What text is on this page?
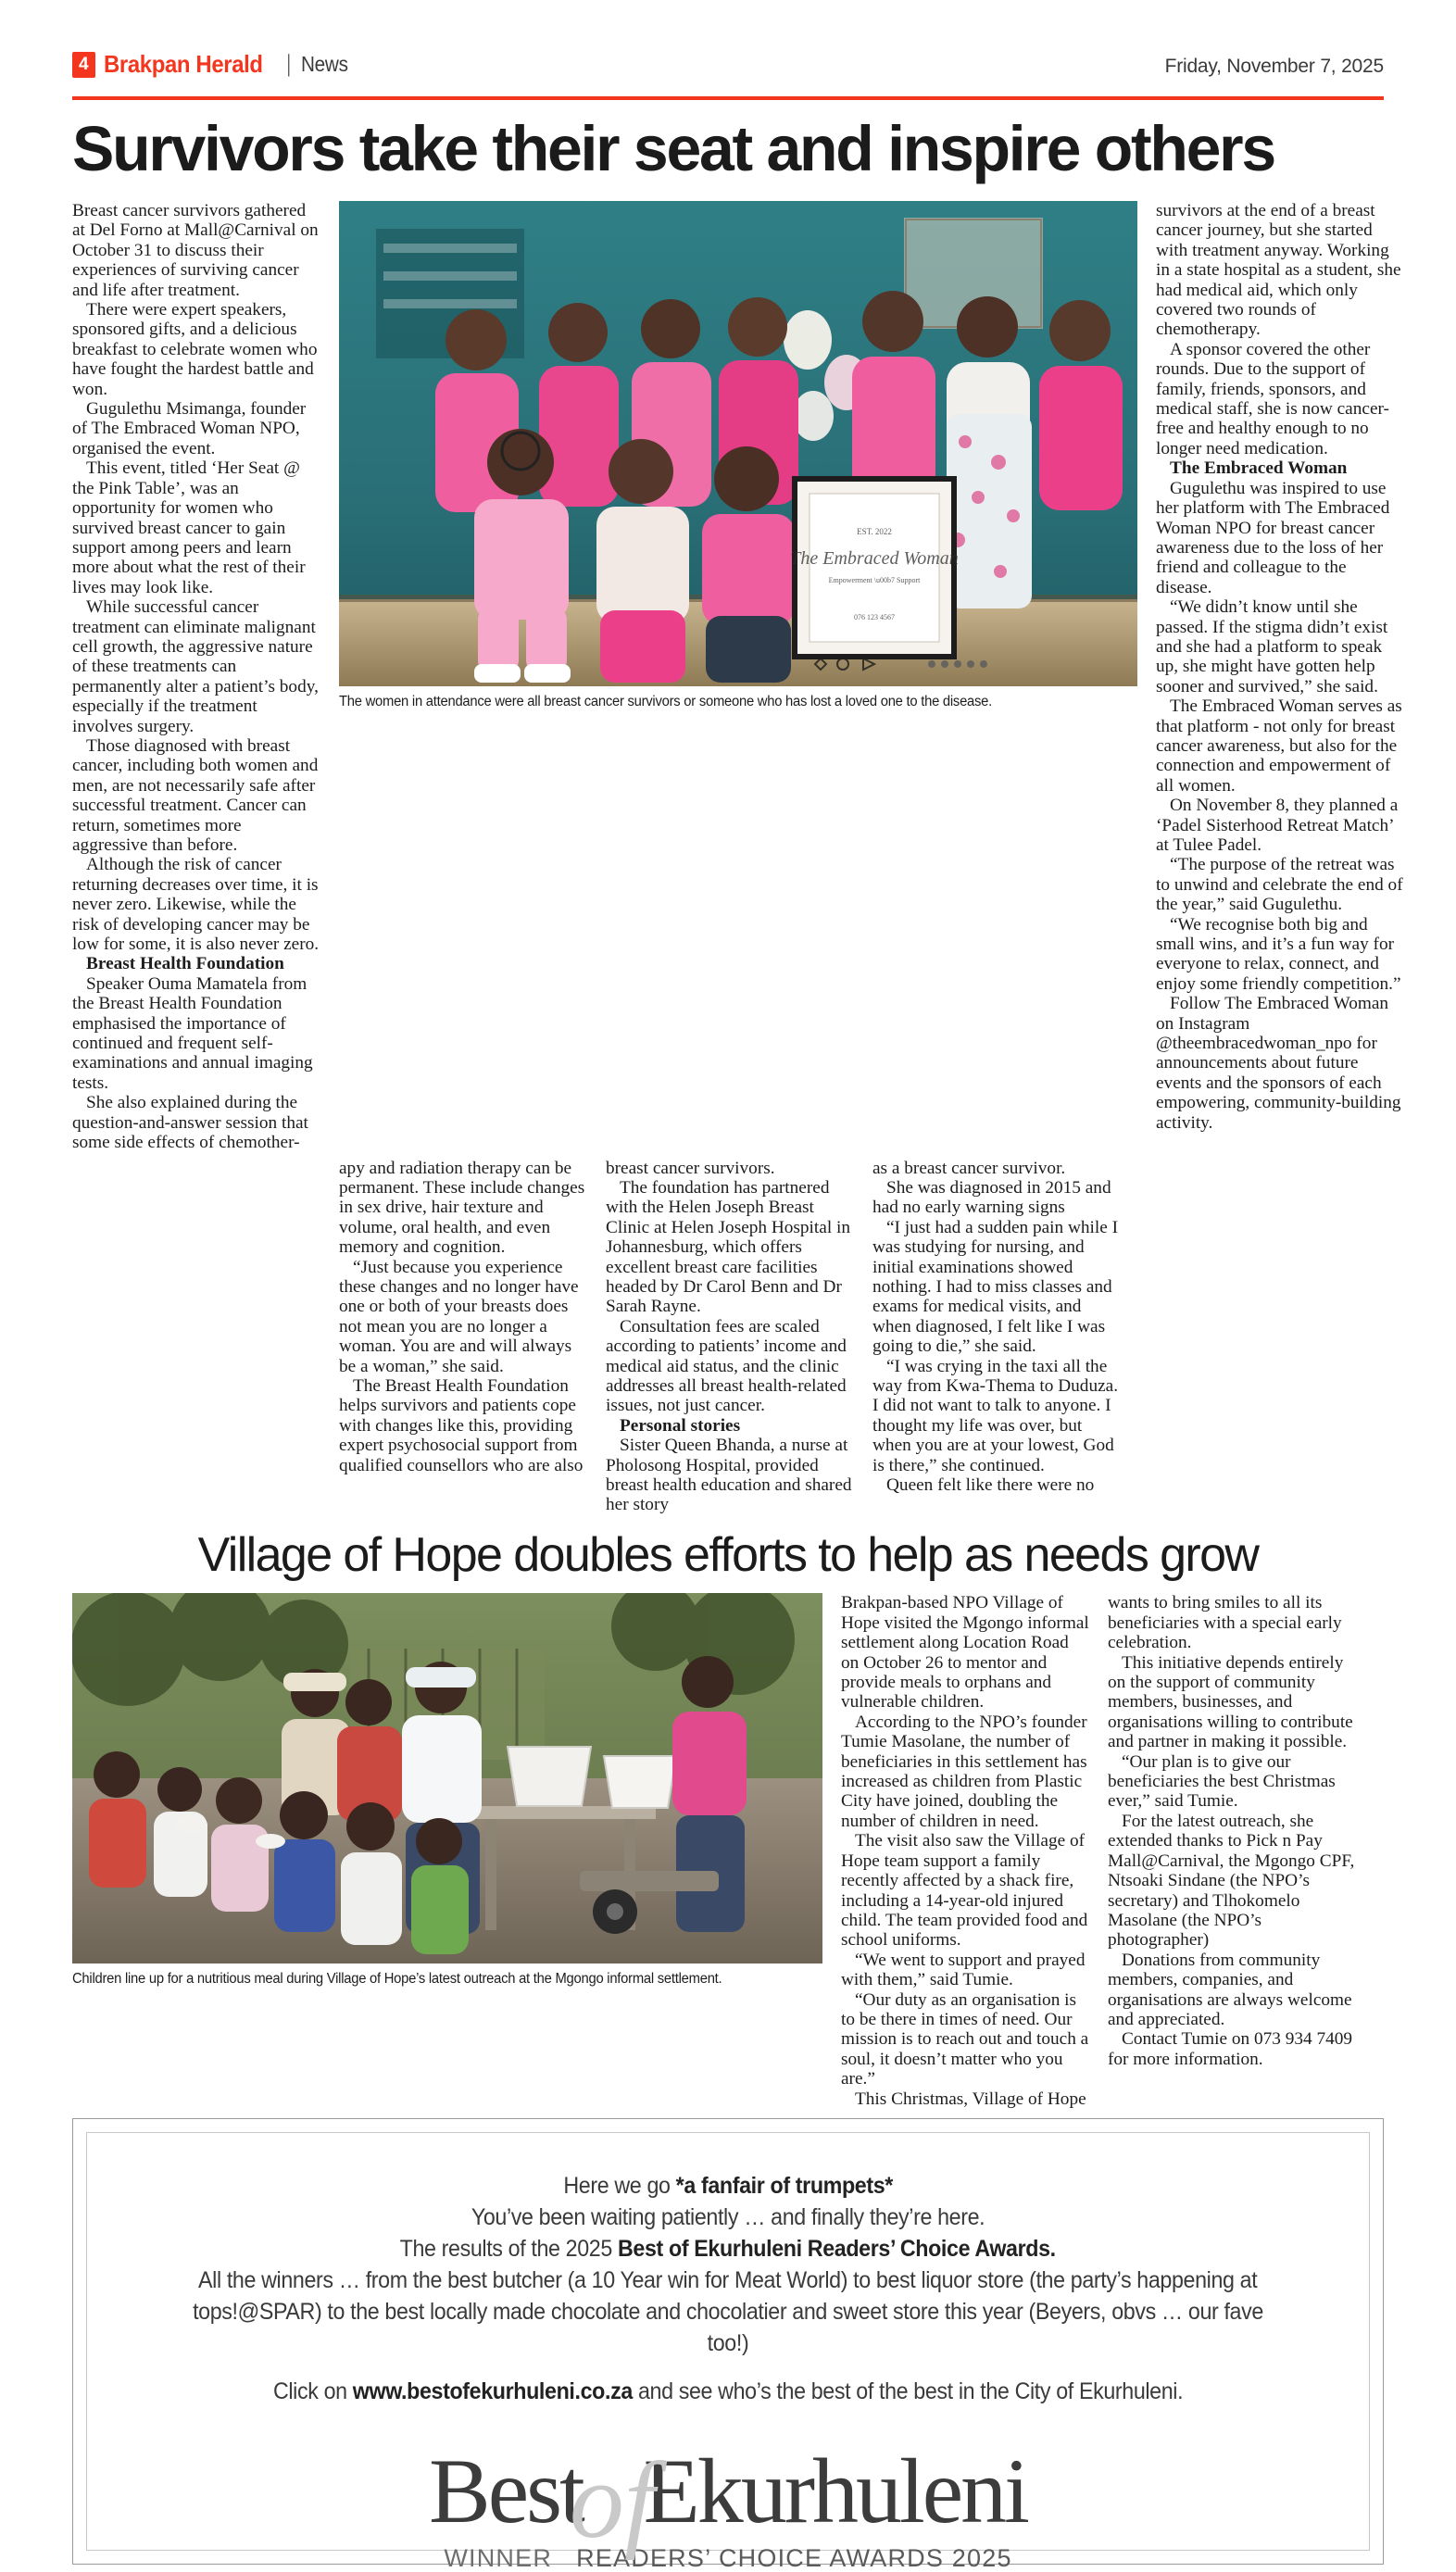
4 Brakpan Herald | News	Friday, November 7, 2025
Survivors take their seat and inspire others

Breast cancer survivors gathered at Del Forno at Mall@Carnival on October 31 to discuss their experiences of surviving cancer and life after treatment.

There were expert speakers, sponsored gifts, and a delicious breakfast to celebrate women who have fought the hardest battle and won.

Gugulethu Msimanga, founder of The Embraced Woman NPO, organised the event.

This event, titled ‘Her Seat @ the Pink Table’, was an opportunity for women who survived breast cancer to gain support among peers and learn more about what the rest of their lives may look like.

While successful cancer treatment can eliminate malignant cell growth, the aggressive nature of these treatments can permanently alter a patient’s body, especially if the treatment involves surgery.

Those diagnosed with breast cancer, including both women and men, are not necessarily safe after successful treatment. Cancer can return, sometimes more aggressive than before.

Although the risk of cancer returning decreases over time, it is never zero. Likewise, while the risk of developing cancer may be low for some, it is also never zero.

Breast Health Foundation

Speaker Ouma Mamatela from the Breast Health Foundation emphasised the importance of continued and frequent self-examinations and annual imaging tests.

She also explained during the question-and-answer session that some side effects of chemother-

EST. 2022
The Embraced Woman
Empowerment \u00b7 Support
076 123 4567
The women in attendance were all breast cancer survivors or someone who has lost a loved one to the disease.

survivors at the end of a breast cancer journey, but she started with treatment anyway. Working in a state hospital as a student, she had medical aid, which only covered two rounds of chemotherapy.

A sponsor covered the other rounds. Due to the support of family, friends, sponsors, and medical staff, she is now cancer-free and healthy enough to no longer need medication.

The Embraced Woman

Gugulethu was inspired to use her platform with The Embraced Woman NPO for breast cancer awareness due to the loss of her friend and colleague to the disease.

“We didn’t know until she passed. If the stigma didn’t exist and she had a platform to speak up, she might have gotten help sooner and survived,” she said.

The Embraced Woman serves as that platform - not only for breast cancer awareness, but also for the connection and empowerment of all women.

On November 8, they planned a ‘Padel Sisterhood Retreat Match’ at Tulee Padel.

“The purpose of the retreat was to unwind and celebrate the end of the year,” said Gugulethu.

“We recognise both big and small wins, and it’s a fun way for everyone to relax, connect, and enjoy some friendly competition.”

Follow The Embraced Woman on Instagram @theembracedwoman_npo for announcements about future events and the sponsors of each empowering, community-building activity.

apy and radiation therapy can be permanent. These include changes in sex drive, hair texture and volume, oral health, and even memory and cognition.

“Just because you experience these changes and no longer have one or both of your breasts does not mean you are no longer a woman. You are and will always be a woman,” she said.

The Breast Health Foundation helps survivors and patients cope with changes like this, providing expert psychosocial support from qualified counsellors who are also

breast cancer survivors.

The foundation has partnered with the Helen Joseph Breast Clinic at Helen Joseph Hospital in Johannesburg, which offers excellent breast care facilities headed by Dr Carol Benn and Dr Sarah Rayne.

Consultation fees are scaled according to patients’ income and medical aid status, and the clinic addresses all breast health-related issues, not just cancer.

Personal stories

Sister Queen Bhanda, a nurse at Pholosong Hospital, provided breast health education and shared her story

as a breast cancer survivor.

She was diagnosed in 2015 and had no early warning signs

“I just had a sudden pain while I was studying for nursing, and initial examinations showed nothing. I had to miss classes and exams for medical visits, and when diagnosed, I felt like I was going to die,” she said.

“I was crying in the taxi all the way from Kwa-Thema to Duduza. I did not want to talk to anyone. I thought my life was over, but when you are at your lowest, God is there,” she continued.

Queen felt like there were no

Village of Hope doubles efforts to help as needs grow
Children line up for a nutritious meal during Village of Hope’s latest outreach at the Mgongo informal settlement.

Brakpan-based NPO Village of Hope visited the Mgongo informal settlement along Location Road on October 26 to mentor and provide meals to orphans and vulnerable children.

According to the NPO’s founder Tumie Masolane, the number of beneficiaries in this settlement has increased as children from Plastic City have joined, doubling the number of children in need.

The visit also saw the Village of Hope team support a family recently affected by a shack fire, including a 14-year-old injured child. The team provided food and school uniforms.

“We went to support and prayed with them,” said Tumie.

“Our duty as an organisation is to be there in times of need. Our mission is to reach out and touch a soul, it doesn’t matter who you are.”

This Christmas, Village of Hope

wants to bring smiles to all its beneficiaries with a special early celebration.

This initiative depends entirely on the support of community members, businesses, and organisations willing to contribute and partner in making it possible.

“Our plan is to give our beneficiaries the best Christmas ever,” said Tumie.

For the latest outreach, she extended thanks to Pick n Pay Mall@Carnival, the Mgongo CPF, Ntsoaki Sindane (the NPO’s secretary) and Tlhokomelo Masolane (the NPO’s photographer)

Donations from community members, companies, and organisations are always welcome and appreciated.

Contact Tumie on 073 934 7409 for more information.

Here we go *a fanfair of trumpets*
You’ve been waiting patiently … and finally they’re here.
The results of the 2025 Best of Ekurhuleni Readers’ Choice Awards.
All the winners … from the best butcher (a 10 Year win for Meat World) to best liquor store (the party’s happening at
tops!@SPAR) to the best locally made chocolate and chocolatier and sweet store this year (Beyers, obvs … our fave too!)
Click on www.bestofekurhuleni.co.za and see who’s the best of the best in the City of Ekurhuleni.
BestofEkurhuleni
WINNER READERS’ CHOICE AWARDS 2025
